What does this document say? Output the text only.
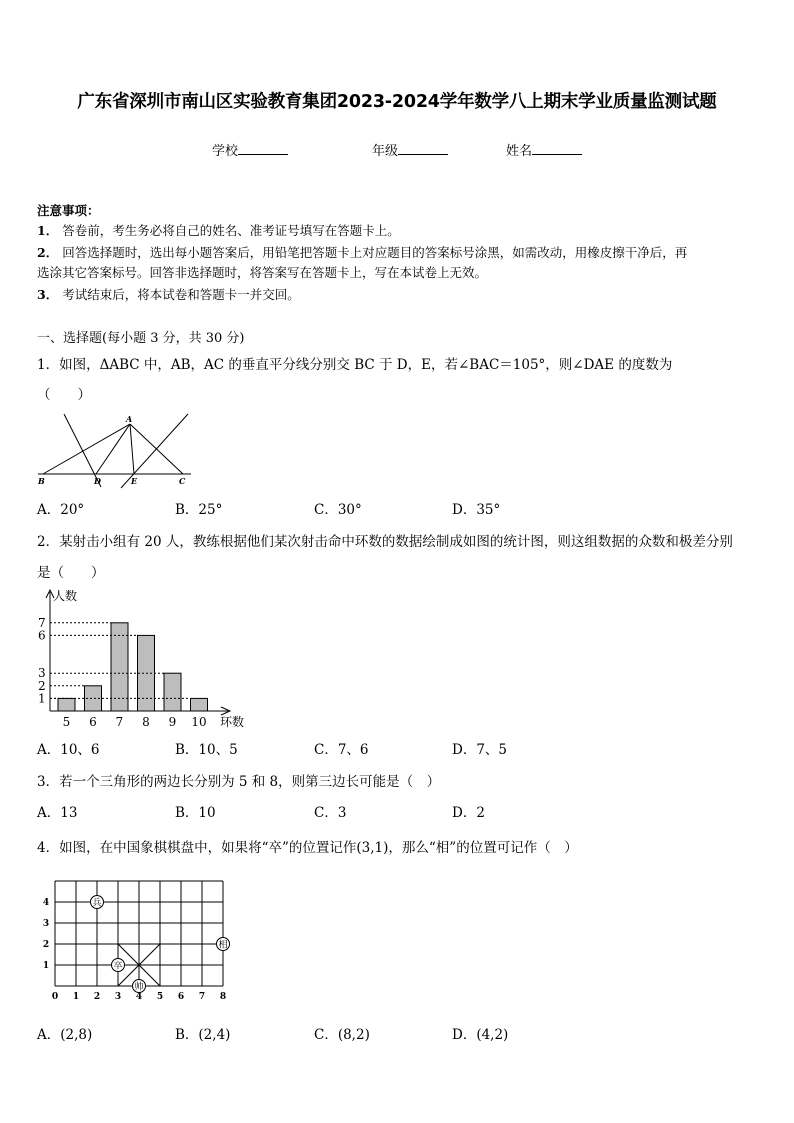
广东省深圳市南山区实验教育集团2023-2024学年数学八上期末学业质量监测试题
学校	年级	姓名
注意事项：
1． 答卷前，考生务必将自己的姓名、准考证号填写在答题卡上。
2． 回答选择题时，选出每小题答案后，用铅笔把答题卡上对应题目的答案标号涂黑，如需改动，用橡皮擦干净后，再
选涂其它答案标号。回答非选择题时，将答案写在答题卡上，写在本试卷上无效。
3． 考试结束后，将本试卷和答题卡一并交回。
一、选择题(每小题 3 分，共 30 分)
1．如图，ΔABC 中，AB，AC 的垂直平分线分别交 BC 于 D，E，若∠BAC＝105°，则∠DAE 的度数为
（　　）
A
B	D	E	C
A．20°	B．25°	C．30°	D．35°
2．某射击小组有 20 人，教练根据他们某次射击命中环数的数据绘制成如图的统计图，则这组数据的众数和极差分别
是（　　）
人数
环数
1
2
3
6
7
5 6 7 8 9 10
A．10、6	B．10、5	C．7、6	D．7、5
3．若一个三角形的两边长分别为 5 和 8，则第三边长可能是（　）
A．13	B．10	C．3	D．2
4．如图，在中国象棋棋盘中，如果将“卒”的位置记作(3,1)，那么“相”的位置可记作（　）
0 1 2 3 4 5 6 7 8
1
2
3
4	兵
卒
帅
相
A．(2,8)	B．(2,4)	C．(8,2)	D．(4,2)
